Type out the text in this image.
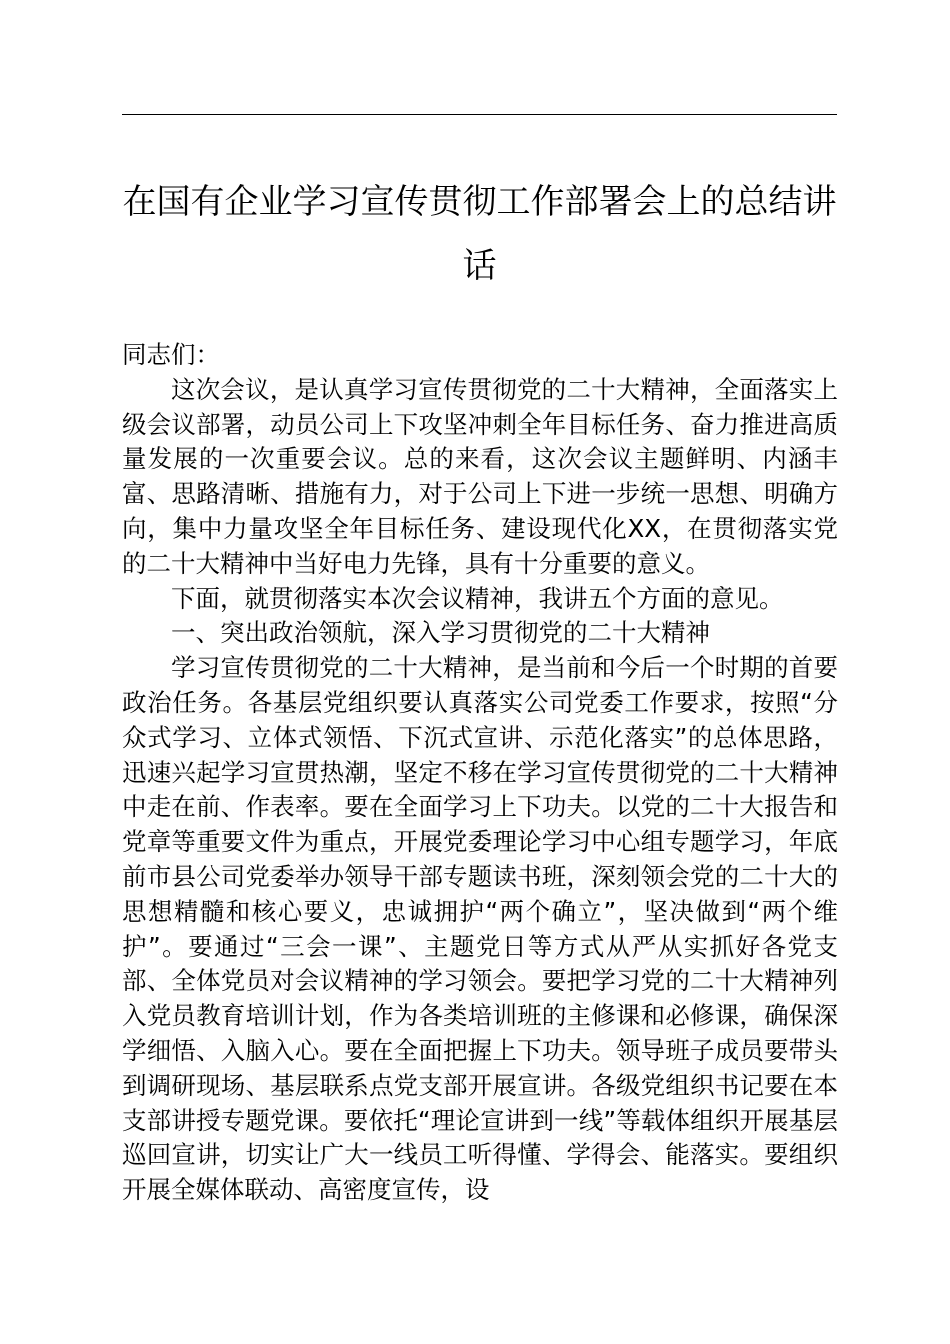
在国有企业学习宣传贯彻工作部署会上的总结讲话

同志们：

这次会议，是认真学习宣传贯彻党的二十大精神，全面落实上级会议部署，动员公司上下攻坚冲刺全年目标任务、奋力推进高质量发展的一次重要会议。总的来看，这次会议主题鲜明、内涵丰富、思路清晰、措施有力，对于公司上下进一步统一思想、明确方向，集中力量攻坚全年目标任务、建设现代化XX，在贯彻落实党的二十大精神中当好电力先锋，具有十分重要的意义。

下面，就贯彻落实本次会议精神，我讲五个方面的意见。

一、突出政治领航，深入学习贯彻党的二十大精神

学习宣传贯彻党的二十大精神，是当前和今后一个时期的首要政治任务。各基层党组织要认真落实公司党委工作要求，按照“分众式学习、立体式领悟、下沉式宣讲、示范化落实”的总体思路，迅速兴起学习宣贯热潮，坚定不移在学习宣传贯彻党的二十大精神中走在前、作表率。要在全面学习上下功夫。以党的二十大报告和党章等重要文件为重点，开展党委理论学习中心组专题学习，年底前市县公司党委举办领导干部专题读书班，深刻领会党的二十大的思想精髓和核心要义，忠诚拥护“两个确立”，坚决做到“两个维护”。要通过“三会一课”、主题党日等方式从严从实抓好各党支部、全体党员对会议精神的学习领会。要把学习党的二十大精神列入党员教育培训计划，作为各类培训班的主修课和必修课，确保深学细悟、入脑入心。要在全面把握上下功夫。领导班子成员要带头到调研现场、基层联系点党支部开展宣讲。各级党组织书记要在本支部讲授专题党课。要依托“理论宣讲到一线”等载体组织开展基层巡回宣讲，切实让广大一线员工听得懂、学得会、能落实。要组织开展全媒体联动、高密度宣传，设
